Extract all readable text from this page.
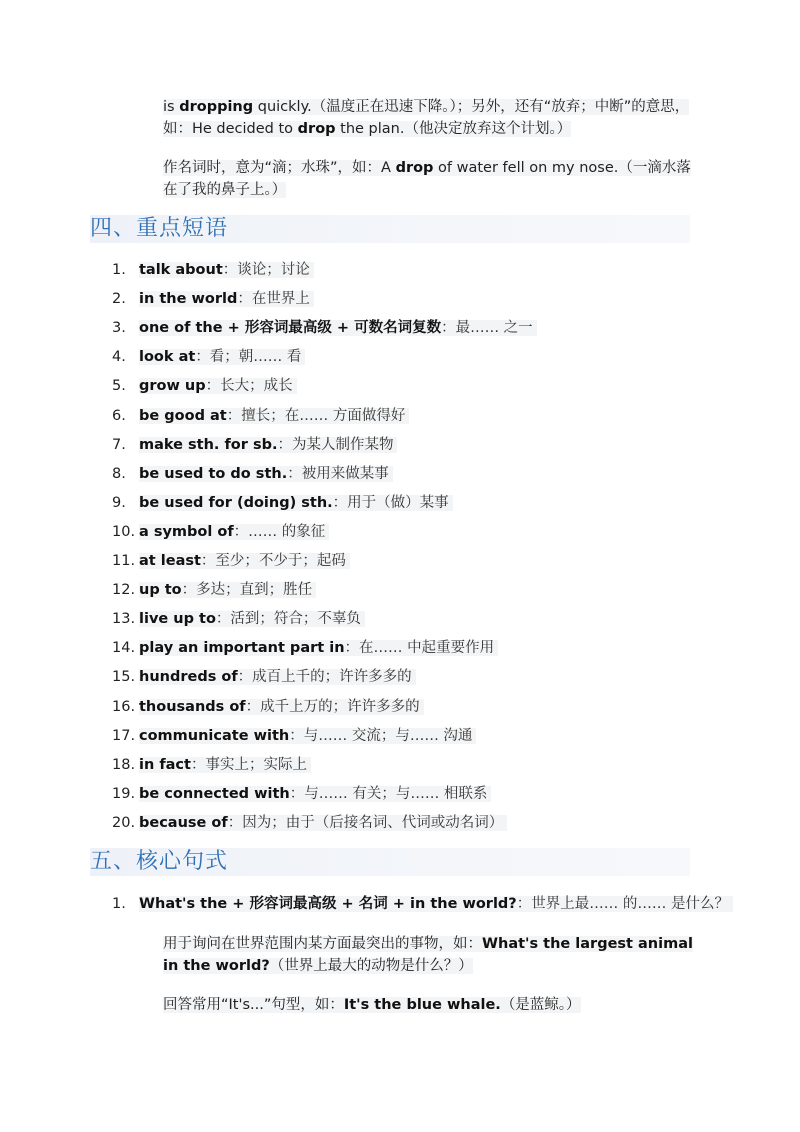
is dropping quickly.（温度正在迅速下降。）；另外，还有“放弃；中断”的意思，
如：He decided to drop the plan.（他决定放弃这个计划。）
作名词时，意为“滴；水珠”，如：A drop of water fell on my nose.（一滴水落在了我的鼻子上。）
四、重点短语
1. talk about：谈论；讨论
2. in the world：在世界上
3. one of the + 形容词最高级 + 可数名词复数：最…… 之一
4. look at：看；朝…… 看
5. grow up：长大；成长
6. be good at：擅长；在…… 方面做得好
7. make sth. for sb.：为某人制作某物
8. be used to do sth.：被用来做某事
9. be used for (doing) sth.：用于（做）某事
10. a symbol of：…… 的象征
11. at least：至少；不少于；起码
12. up to：多达；直到；胜任
13. live up to：活到；符合；不辜负
14. play an important part in：在…… 中起重要作用
15. hundreds of：成百上千的；许许多多的
16. thousands of：成千上万的；许许多多的
17. communicate with：与…… 交流；与…… 沟通
18. in fact：事实上；实际上
19. be connected with：与…… 有关；与…… 相联系
20. because of：因为；由于（后接名词、代词或动名词）
五、核心句式
1. What's the + 形容词最高级 + 名词 + in the world?：世界上最…… 的…… 是什么？
用于询问在世界范围内某方面最突出的事物，如：What's the largest animal in the world?（世界上最大的动物是什么？）
回答常用“It's...”句型，如：It's the blue whale.（是蓝鲸。）
